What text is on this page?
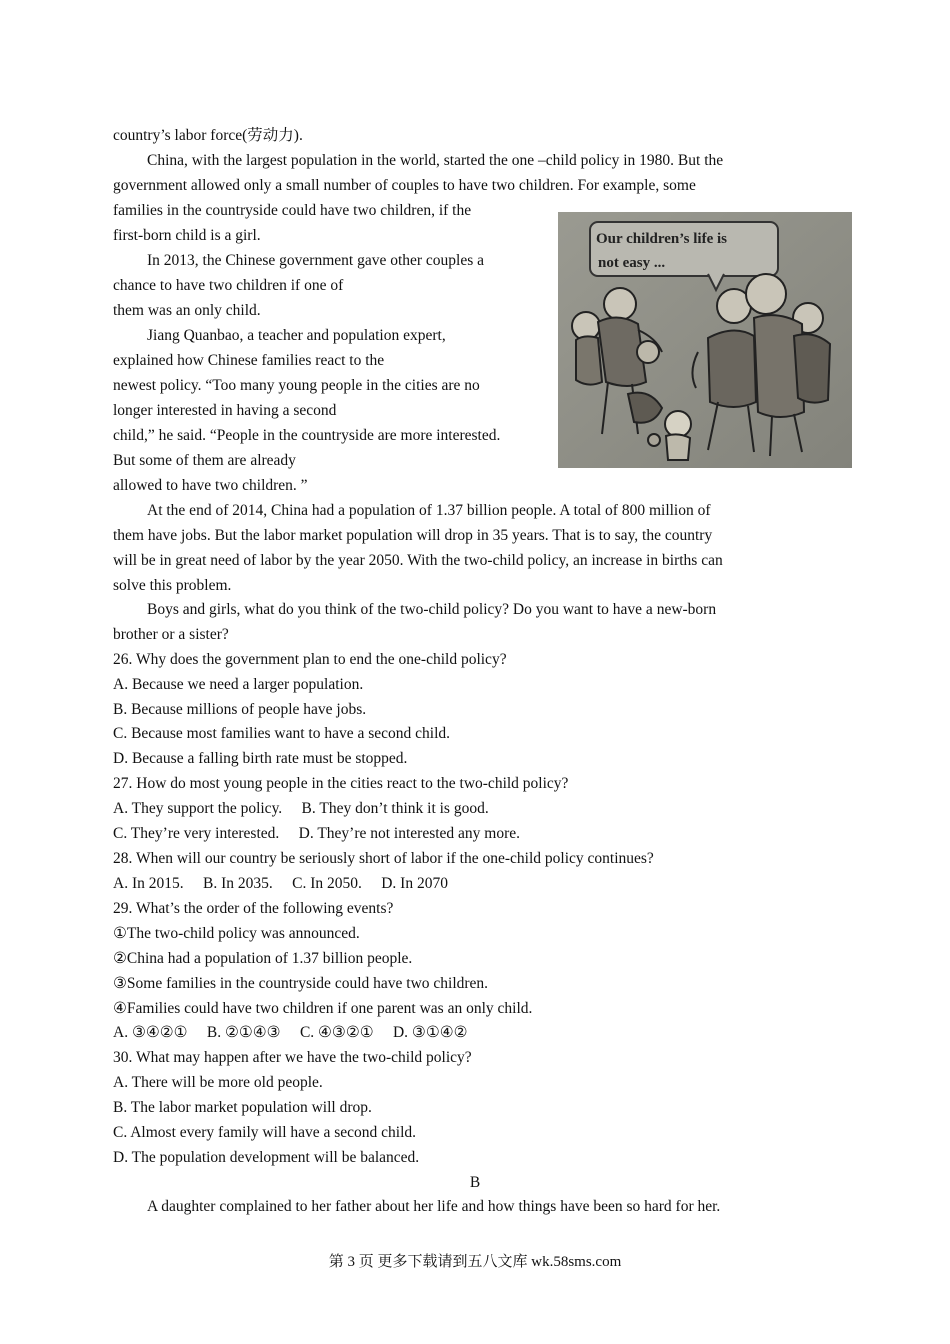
country’s labor force(劳动力).
China, with the largest population in the world, started the one –child policy in 1980. But the
government allowed only a small number of couples to have two children. For example, some
families in the countryside could have two children, if the
first-born child is a girl.
In 2013, the Chinese government gave other couples a
chance to have two children if one of
them was an only child.
Jiang Quanbao, a teacher and population expert,
explained how Chinese families react to the
newest policy. “Too many young people in the cities are no
longer interested in having a second
child,” he said. “People in the countryside are more interested.
But some of them are already
allowed to have two children. ”
At the end of 2014, China had a population of 1.37 billion people. A total of 800 million of
them have jobs. But the labor market population will drop in 35 years. That is to say, the country
will be in great need of labor by the year 2050. With the two-child policy, an increase in births can
solve this problem.
Boys and girls, what do you think of the two-child policy? Do you want to have a new-born
brother or a sister?
Our children’s life is
not easy ...
26. Why does the government plan to end the one-child policy?
A. Because we need a larger population.
B. Because millions of people have jobs.
C. Because most families want to have a second child.
D. Because a falling birth rate must be stopped.
27. How do most young people in the cities react to the two-child policy?
A. They support the policy.     B. They don’t think it is good.
C. They’re very interested.     D. They’re not interested any more.
28. When will our country be seriously short of labor if the one-child policy continues?
A. In 2015.     B. In 2035.     C. In 2050.     D. In 2070
29. What’s the order of the following events?
①The two-child policy was announced.
②China had a population of 1.37 billion people.
③Some families in the countryside could have two children.
④Families could have two children if one parent was an only child.
A. ③④②①     B. ②①④③     C. ④③②①     D. ③①④②
30. What may happen after we have the two-child policy?
A. There will be more old people.
B. The labor market population will drop.
C. Almost every family will have a second child.
D. The population development will be balanced.
B
A daughter complained to her father about her life and how things have been so hard for her.
第 3 页 更多下载请到五八文库 wk.58sms.com
